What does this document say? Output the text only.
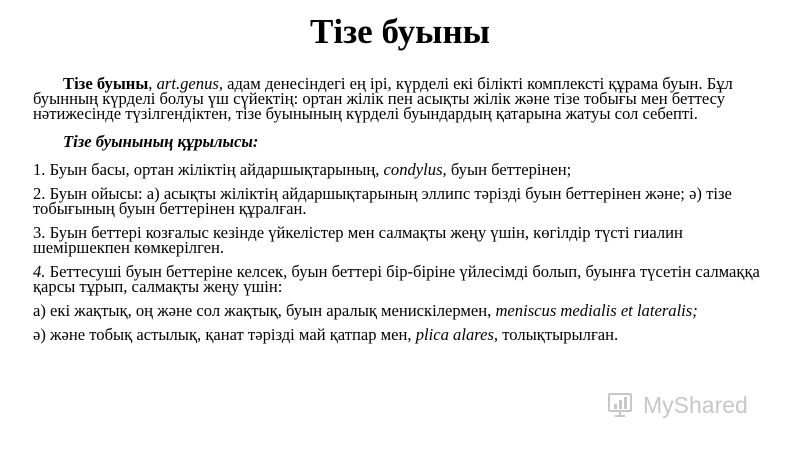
Тізе буыны

Тізе буыны, art.genus, адам денесіндегі ең ірі, күрделі екі білікті комплексті құрама буын. Бұл буынның күрделі болуы үш сүйектің: ортан жілік пен асықты жілік және тізе тобығы мен беттесу нәтижесінде түзілгендіктен, тізе буынының күрделі буындардың қатарына жатуы сол себепті.

Тізе буынының құрылысы:

1. Буын басы, ортан жіліктің айдаршықтарының, condylus, буын беттерінен;

2. Буын ойысы: а) асықты жіліктің айдаршықтарының эллипс тәрізді буын беттерінен және; ә) тізе тобығының буын беттерінен құралған.

3. Буын беттері козғалыс кезінде үйкелістер мен салмақты жеңу үшін, көгілдір түсті гиалин шеміршекпен көмкерілген.

4. Беттесуші буын беттеріне келсек, буын беттері бір-біріне үйлесімді болып, буынға түсетін салмаққа қарсы тұрып, салмақты жеңу үшін:

а) екі жақтық, оң және сол жақтық, буын аралық менискілермен, meniscus medialis et lateralis;

ә) және тобық астылық, қанат тәрізді май қатпар мен, plica alares, толықтырылған.

MyShared
